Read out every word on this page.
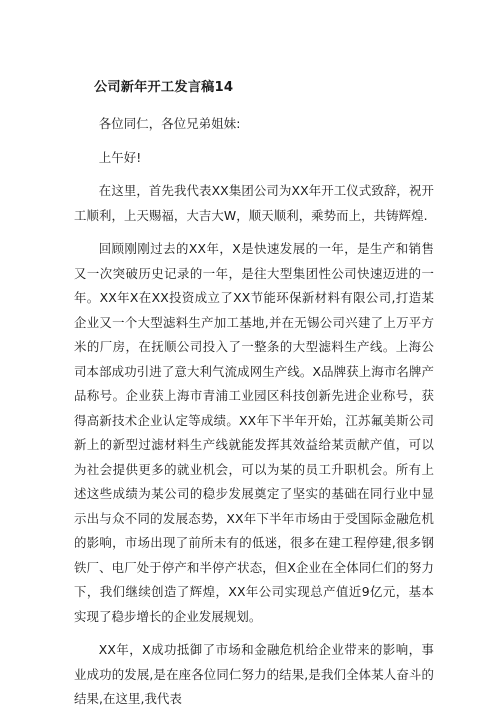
公司新年开工发言稿14

各位同仁，各位兄弟姐妹:

上午好!

在这里，首先我代表XX集团公司为XX年开工仪式致辞，祝开工顺利，上天赐福，大吉大W，顺天顺利，乘势而上，共铸辉煌.

回顾刚刚过去的XX年，X是快速发展的一年，是生产和销售又一次突破历史记录的一年，是往大型集团性公司快速迈进的一年。XX年X在XX投资成立了XX节能环保新材料有限公司,打造某企业又一个大型滤料生产加工基地,并在无锡公司兴建了上万平方米的厂房，在抚顺公司投入了一整条的大型滤料生产线。上海公司本部成功引进了意大利气流成网生产线。X品牌获上海市名牌产品称号。企业获上海市青浦工业园区科技创新先进企业称号，获得高新技术企业认定等成绩。XX年下半年开始，江苏氟美斯公司新上的新型过滤材料生产线就能发挥其效益给某贡献产值，可以为社会提供更多的就业机会，可以为某的员工升职机会。所有上述这些成绩为某公司的稳步发展奠定了坚实的基础在同行业中显示出与众不同的发展态势，XX年下半年市场由于受国际金融危机的影响，市场出现了前所未有的低迷，很多在建工程停建,很多钢铁厂、电厂处于停产和半停产状态，但X企业在全体同仁们的努力下，我们继续创造了辉煌，XX年公司实现总产值近9亿元，基本实现了稳步增长的企业发展规划。

XX年，X成功抵御了市场和金融危机给企业带来的影响，事业成功的发展,是在座各位同仁努力的结果,是我们全体某人奋斗的结果,在这里,我代表
